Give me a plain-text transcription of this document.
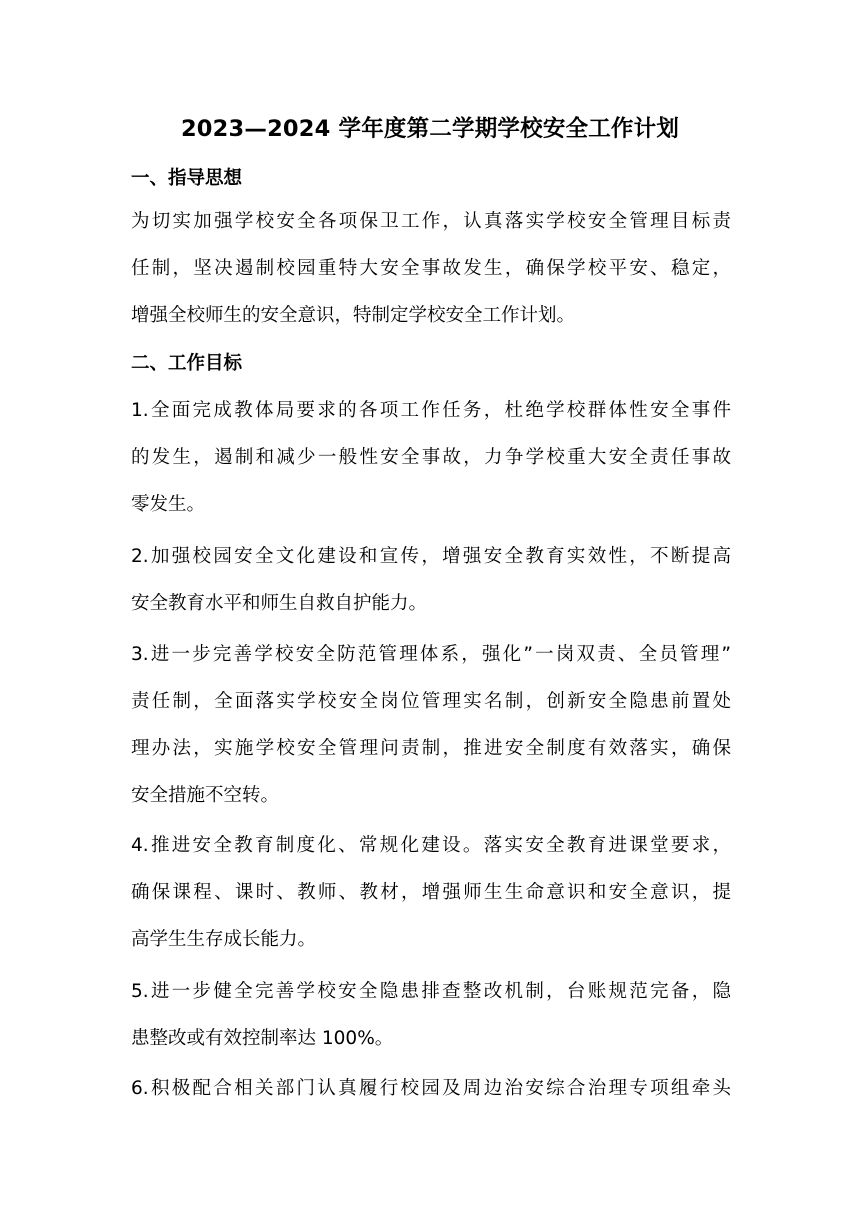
2023—2024 学年度第二学期学校安全工作计划
一、指导思想
为切实加强学校安全各项保卫工作，认真落实学校安全管理目标责
任制，坚决遏制校园重特大安全事故发生，确保学校平安、稳定，
增强全校师生的安全意识，特制定学校安全工作计划。
二、工作目标
1.全面完成教体局要求的各项工作任务，杜绝学校群体性安全事件
的发生，遏制和减少一般性安全事故，力争学校重大安全责任事故
零发生。
2.加强校园安全文化建设和宣传，增强安全教育实效性，不断提高
安全教育水平和师生自救自护能力。
3.进一步完善学校安全防范管理体系，强化”一岗双责、全员管理”
责任制，全面落实学校安全岗位管理实名制，创新安全隐患前置处
理办法，实施学校安全管理问责制，推进安全制度有效落实，确保
安全措施不空转。
4.推进安全教育制度化、常规化建设。落实安全教育进课堂要求，
确保课程、课时、教师、教材，增强师生生命意识和安全意识，提
高学生生存成长能力。
5.进一步健全完善学校安全隐患排查整改机制，台账规范完备，隐
患整改或有效控制率达 100%。
6.积极配合相关部门认真履行校园及周边治安综合治理专项组牵头
